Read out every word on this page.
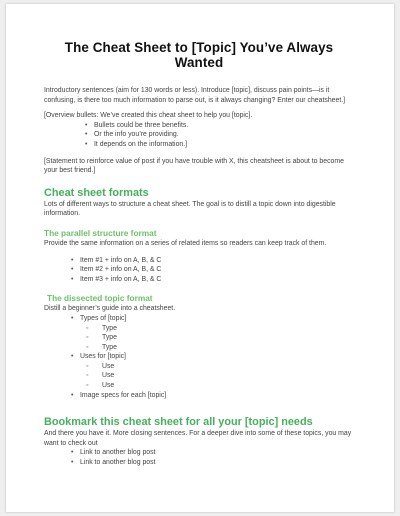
The Cheat Sheet to [Topic] You’ve Always Wanted

Introductory sentences (aim for 130 words or less). Introduce [topic], discuss pain points—is it confusing, is there too much information to parse out, is it always changing? Enter our cheatsheet.]

[Overview bullets: We’ve created this cheat sheet to help you [topic].

• Bullets could be three benefits.
• Or the info you’re providing.
• It depends on the information.]

[Statement to reinforce value of post if you have trouble with X, this cheatsheet is about to become your best friend.]

Cheat sheet formats

Lots of different ways to structure a cheat sheet. The goal is to distill a topic down into digestible information.

The parallel structure format

Provide the same information on a series of related items so readers can keep track of them.

• Item #1 + info on A, B, & C
• Item #2 + info on A, B, & C
• Item #3 + info on A, B, & C
The dissected topic format

Distill a beginner’s guide into a cheatsheet.

• Types of [topic]
◦ Type
◦ Type
◦ Type
• Uses for [topic]
◦ Use
◦ Use
◦ Use
• Image specs for each [topic]
Bookmark this cheat sheet for all your [topic] needs

And there you have it. More closing sentences. For a deeper dive into some of these topics, you may want to check out

• Link to another blog post
• Link to another blog post
